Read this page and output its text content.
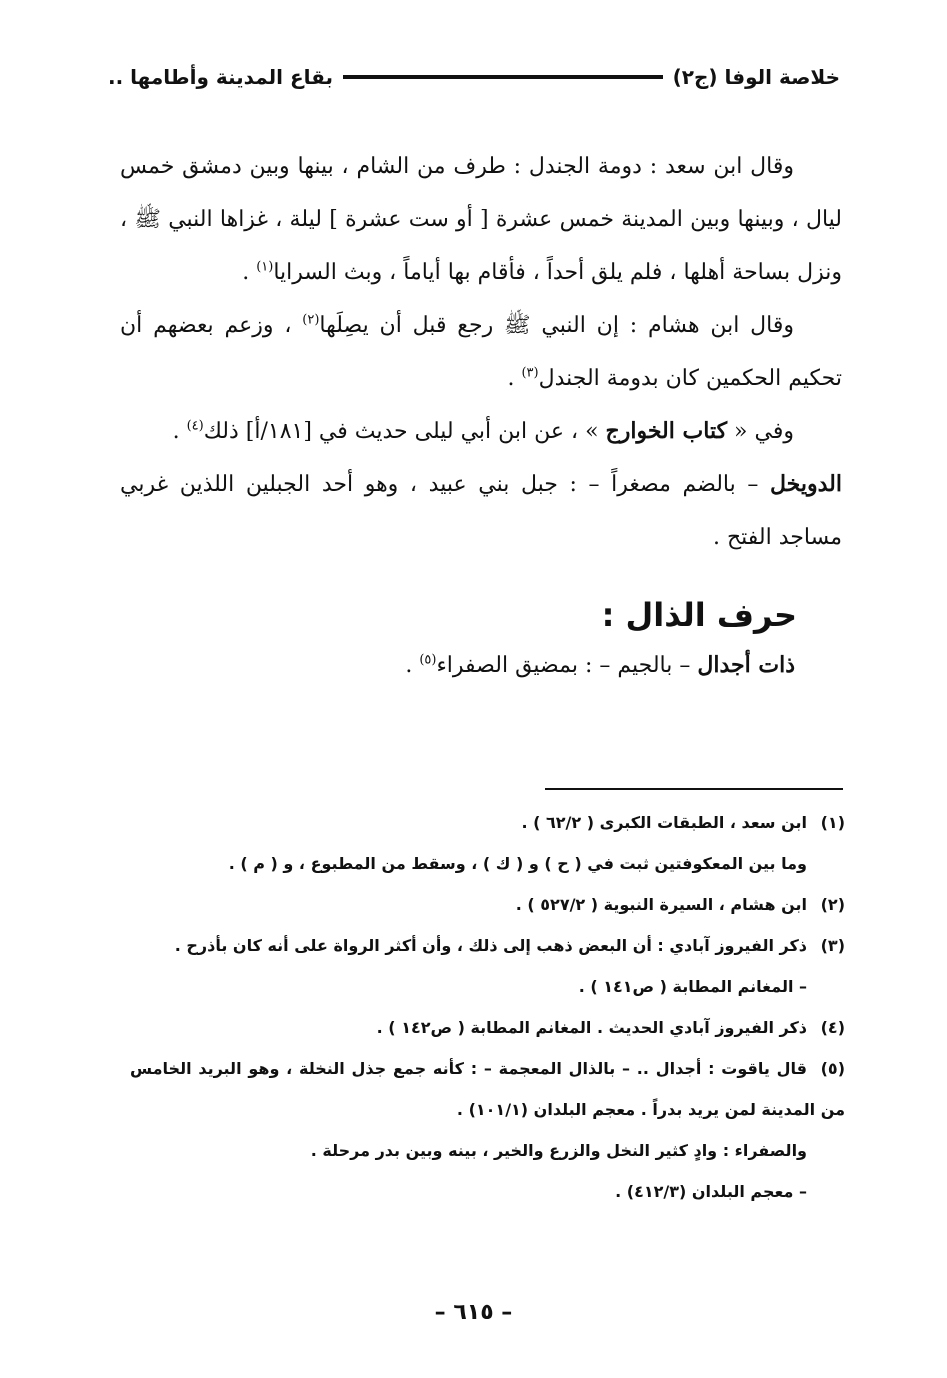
خلاصة الوفا (ج٢)
بقاع المدينة وأطامها ..

وقال ابن سعد : دومة الجندل : طرف من الشام ، بينها وبين دمشق خمس ليال ، وبينها وبين المدينة خمس عشرة [ أو ست عشرة ] ليلة ، غزاها النبي ﷺ ، ونزل بساحة أهلها ، فلم يلق أحداً ، فأقام بها أياماً ، وبث السرايا$^{(١)}$ .

وقال ابن هشام : إن النبي ﷺ رجع قبل أن يصِلَها$^{(٢)}$ ، وزعم بعضهم أن تحكيم الحكمين كان بدومة الجندل$^{(٣)}$ .

وفي « كتاب الخوارج » ، عن ابن أبي ليلى حديث في [١٨١/أ] ذلك$^{(٤)}$ .

الدويخل – بالضم مصغراً – : جبل بني عبيد ، وهو أحد الجبلين اللذين غربي مساجد الفتح .

حرف الذال :
ذات أجدال – بالجيم – : بمضيق الصفراء$^{(٥)}$ .
(١)ابن سعد ، الطبقات الكبرى ( ٦٢/٢ ) .
وما بين المعكوفتين ثبت في ( ح ) و ( ك ) ، وسقط من المطبوع ، و ( م ) .
(٢)ابن هشام ، السيرة النبوية ( ٥٢٧/٢ ) .
(٣)ذكر الفيروز آبادي : أن البعض ذهب إلى ذلك ، وأن أكثر الرواة على أنه كان بأذرح .
– المغانم المطابة ( ص١٤١ ) .
(٤)ذكر الفيروز آبادي الحديث . المغانم المطابة ( ص١٤٢ ) .
(٥)قال ياقوت : أجدال .. – بالذال المعجمة – : كأنه جمع جذل النخلة ، وهو البريد الخامس من المدينة لمن يريد بدراً . معجم البلدان (١٠١/١) .
والصفراء : وادٍ كثير النخل والزرع والخير ، بينه وبين بدر مرحلة .
– معجم البلدان (٤١٢/٣) .
– ٦١٥ –
